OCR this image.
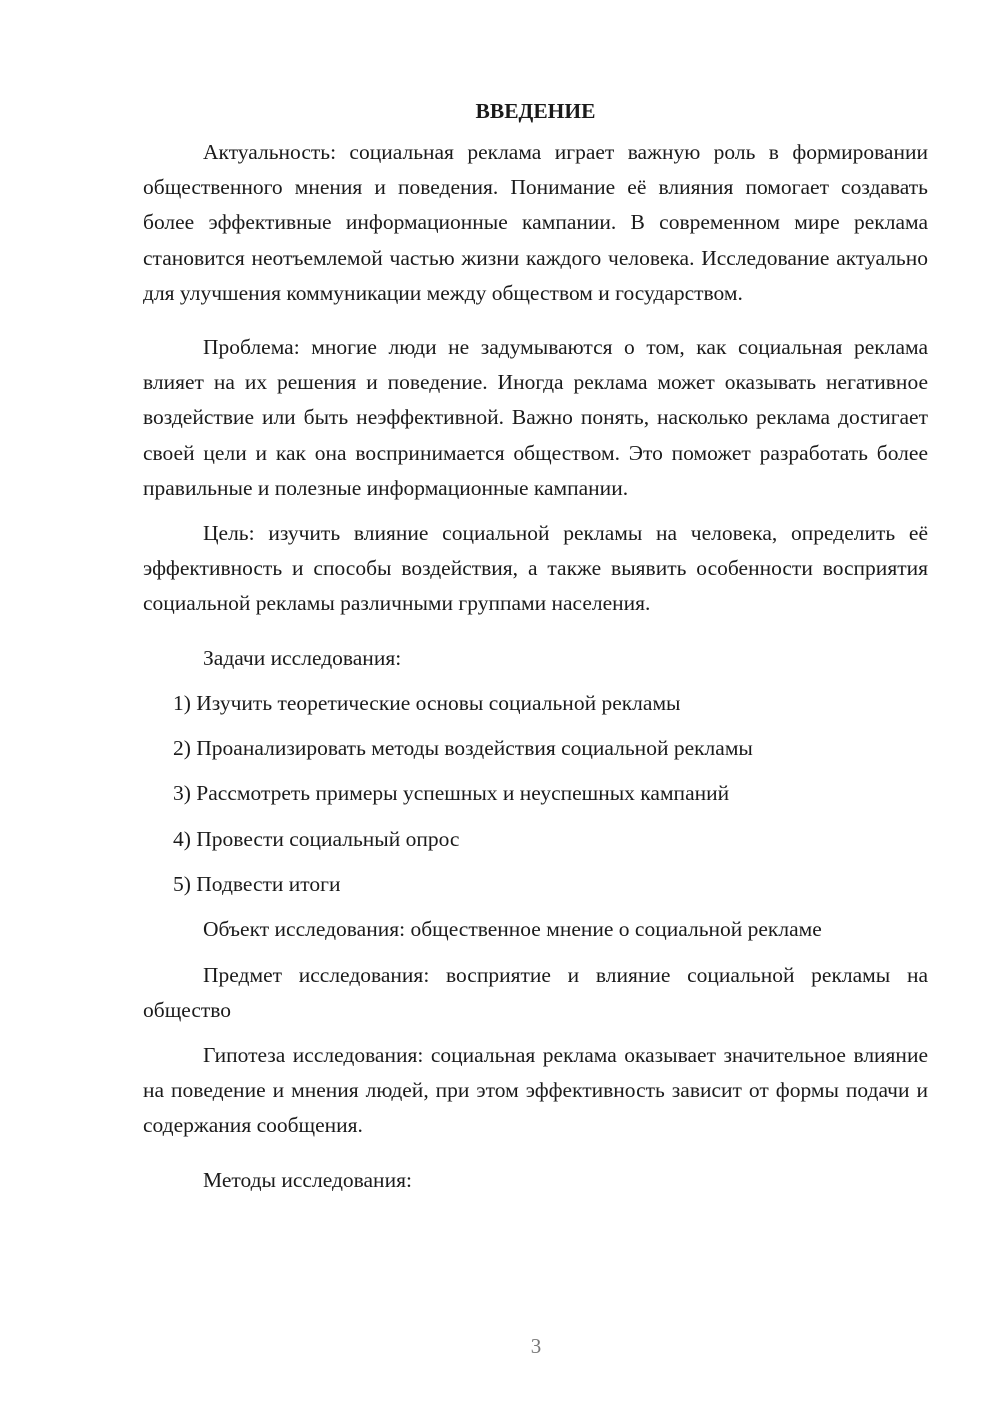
ВВЕДЕНИЕ

Актуальность: социальная реклама играет важную роль в формировании общественного мнения и поведения. Понимание её влияния помогает создавать более эффективные информационные кампании. В современном мире реклама становится неотъемлемой частью жизни каждого человека. Исследование актуально для улучшения коммуникации между обществом и государством.

Проблема: многие люди не задумываются о том, как социальная реклама влияет на их решения и поведение. Иногда реклама может оказывать негативное воздействие или быть неэффективной. Важно понять, насколько реклама достигает своей цели и как она воспринимается обществом. Это поможет разработать более правильные и полезные информационные кампании.

Цель: изучить влияние социальной рекламы на человека, определить её эффективность и способы воздействия, а также выявить особенности восприятия социальной рекламы различными группами населения.

Задачи исследования:

1) Изучить теоретические основы социальной рекламы
2) Проанализировать методы воздействия социальной рекламы
3) Рассмотреть примеры успешных и неуспешных кампаний
4) Провести социальный опрос
5) Подвести итоги

Объект исследования: общественное мнение о социальной рекламе

Предмет исследования: восприятие и влияние социальной рекламы на общество

Гипотеза исследования: социальная реклама оказывает значительное влияние на поведение и мнения людей, при этом эффективность зависит от формы подачи и содержания сообщения.

Методы исследования:

3
